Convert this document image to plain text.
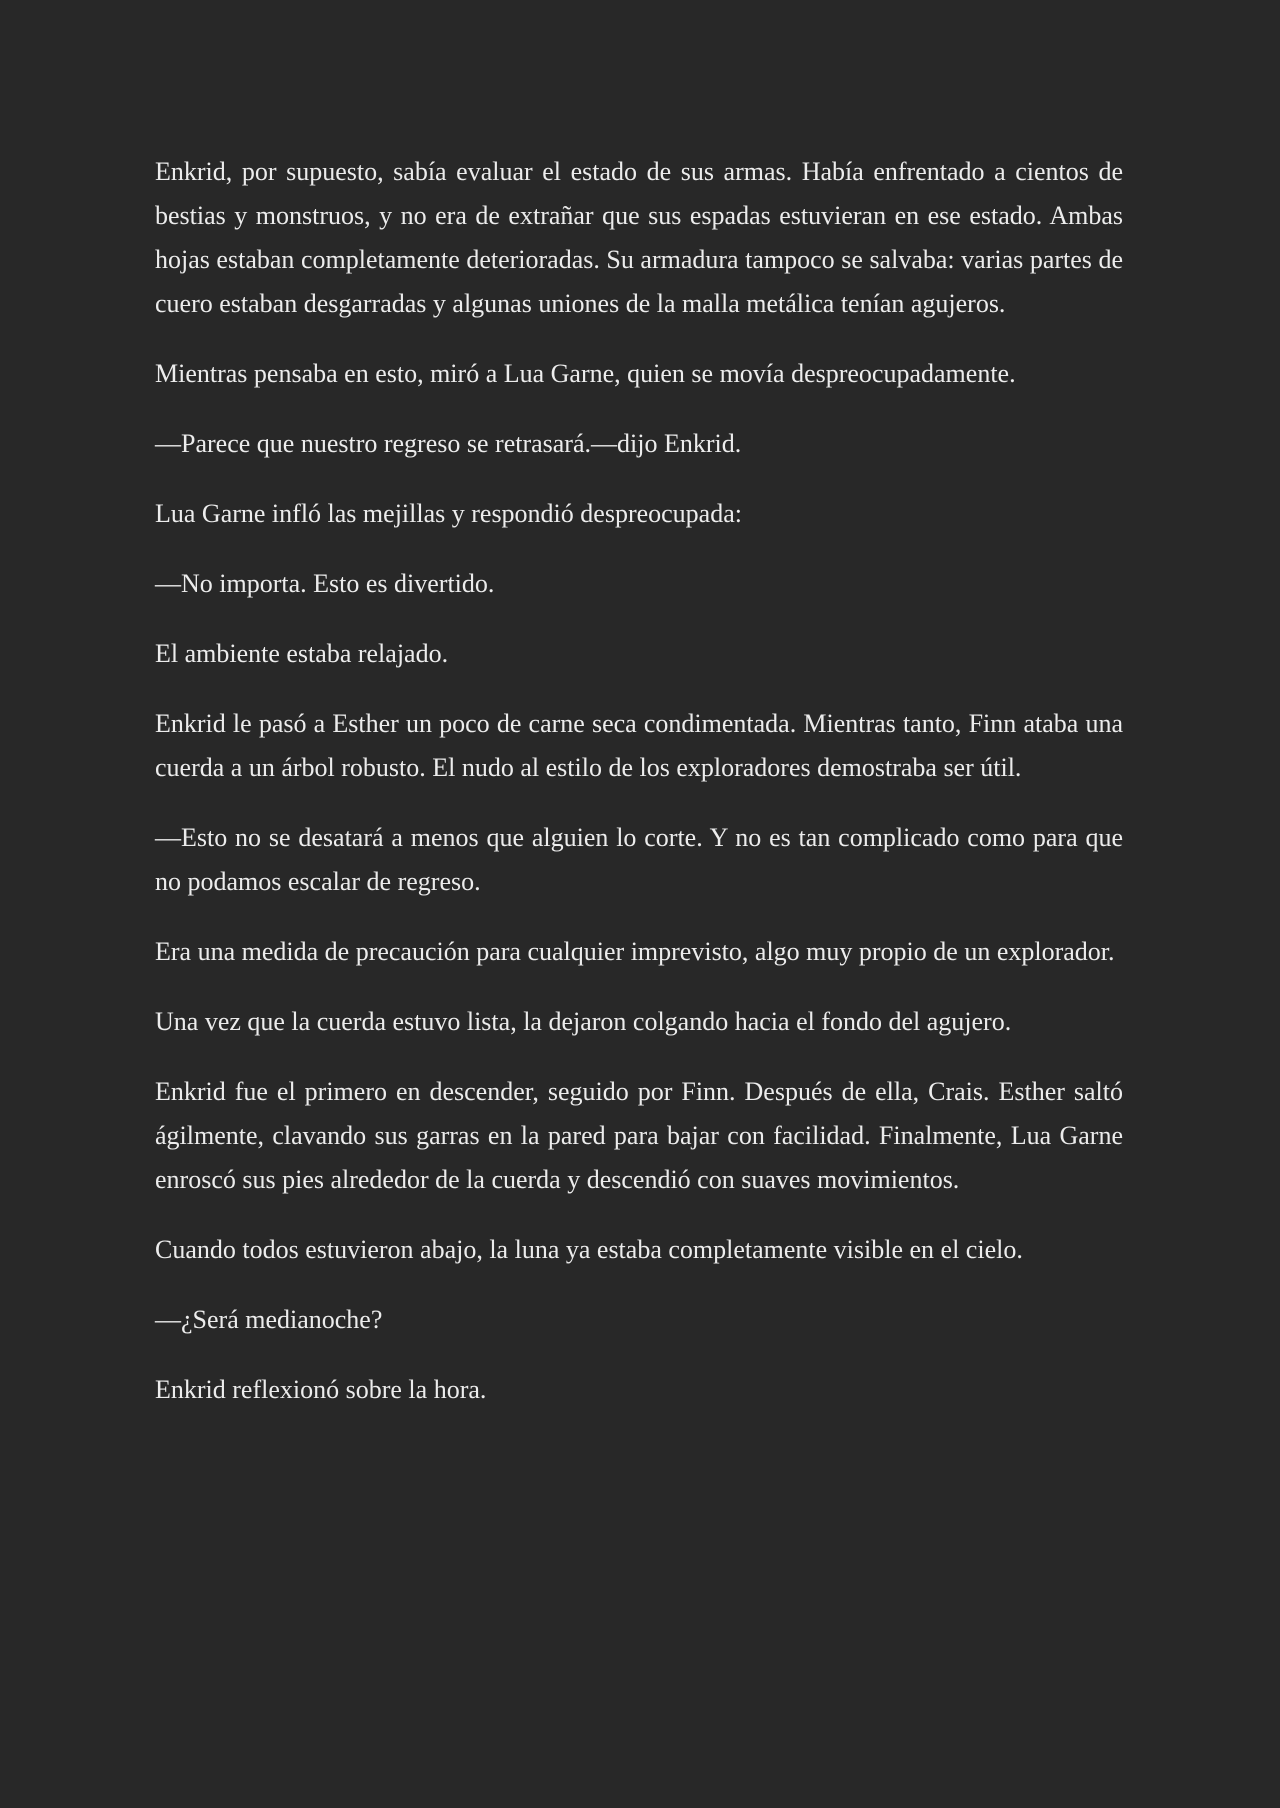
Enkrid, por supuesto, sabía evaluar el estado de sus armas. Había enfrentado a cientos de bestias y monstruos, y no era de extrañar que sus espadas estuvieran en ese estado. Ambas hojas estaban completamente deterioradas. Su armadura tampoco se salvaba: varias partes de cuero estaban desgarradas y algunas uniones de la malla metálica tenían agujeros.

Mientras pensaba en esto, miró a Lua Garne, quien se movía despreocupadamente.

—Parece que nuestro regreso se retrasará.—dijo Enkrid.

Lua Garne infló las mejillas y respondió despreocupada:

—No importa. Esto es divertido.

El ambiente estaba relajado.

Enkrid le pasó a Esther un poco de carne seca condimentada. Mientras tanto, Finn ataba una cuerda a un árbol robusto. El nudo al estilo de los exploradores demostraba ser útil.

—Esto no se desatará a menos que alguien lo corte. Y no es tan complicado como para que no podamos escalar de regreso.

Era una medida de precaución para cualquier imprevisto, algo muy propio de un explorador.

Una vez que la cuerda estuvo lista, la dejaron colgando hacia el fondo del agujero.

Enkrid fue el primero en descender, seguido por Finn. Después de ella, Crais. Esther saltó ágilmente, clavando sus garras en la pared para bajar con facilidad. Finalmente, Lua Garne enroscó sus pies alrededor de la cuerda y descendió con suaves movimientos.

Cuando todos estuvieron abajo, la luna ya estaba completamente visible en el cielo.

—¿Será medianoche?

Enkrid reflexionó sobre la hora.
